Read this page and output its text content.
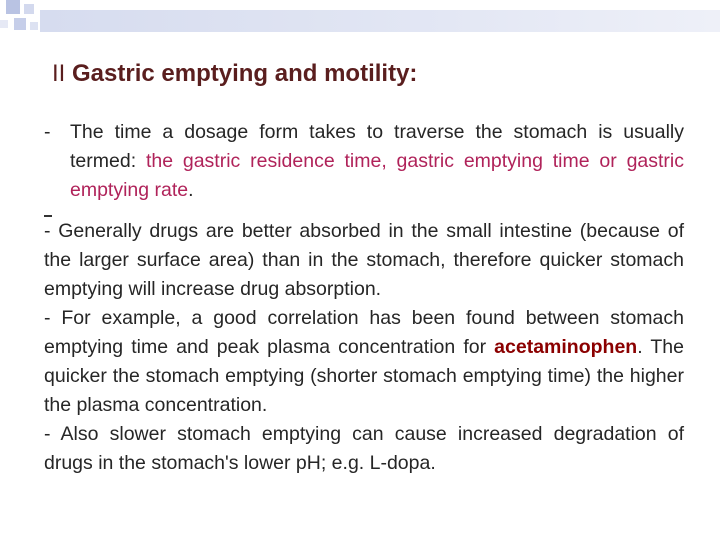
II Gastric emptying and motility:

- The time a dosage form takes to traverse the stomach is usually termed: the gastric residence time, gastric emptying time or gastric emptying rate.

- Generally drugs are better absorbed in the small intestine (because of the larger surface area) than in the stomach, therefore quicker stomach emptying will increase drug absorption.

- For example, a good correlation has been found between stomach emptying time and peak plasma concentration for acetaminophen. The quicker the stomach emptying (shorter stomach emptying time) the higher the plasma concentration.

- Also slower stomach emptying can cause increased degradation of drugs in the stomach's lower pH; e.g. L-dopa.
